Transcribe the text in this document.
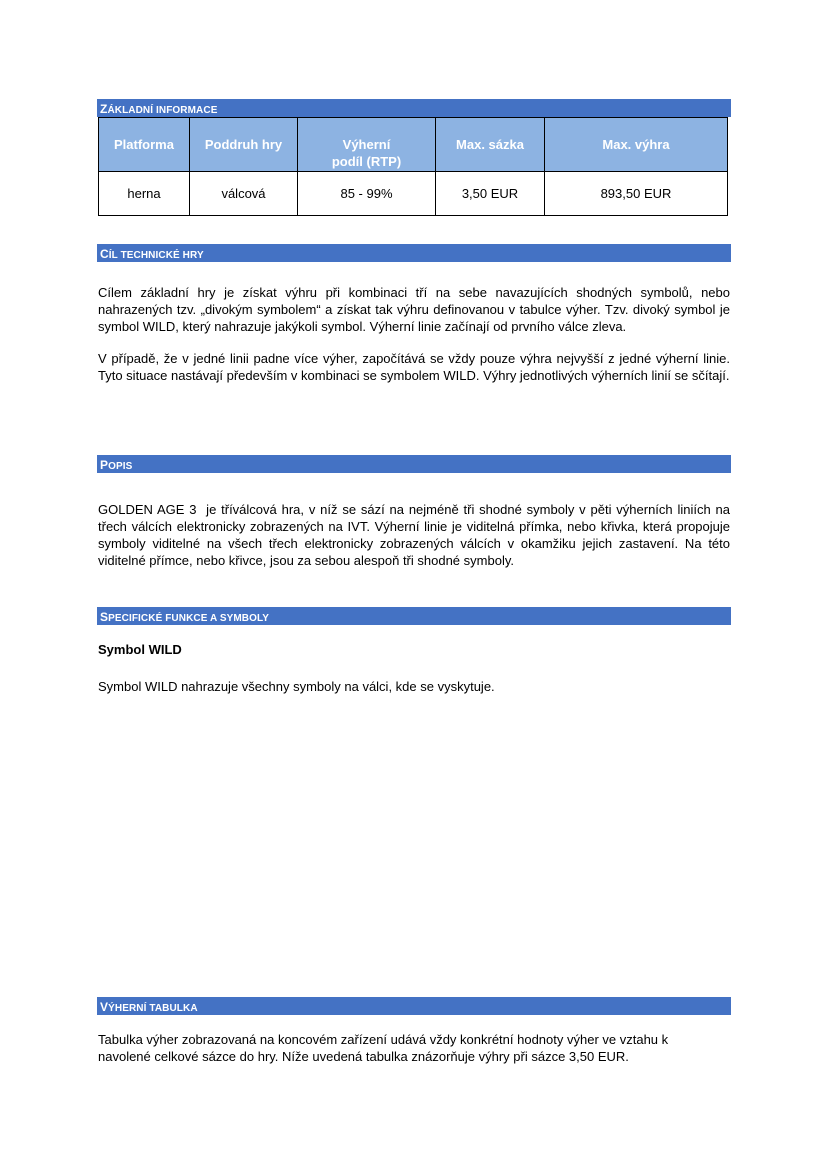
ZÁKLADNÍ INFORMACE
Platforma	Poddruh hry	Výherní podíl (RTP)	Max. sázka	Max. výhra
herna	válcová	85 - 99%	3,50 EUR	893,50 EUR
CÍL TECHNICKÉ HRY

Cílem základní hry je získat výhru při kombinaci tří na sebe navazujících shodných symbolů, nebo nahrazených tzv. „divokým symbolem“ a získat tak výhru definovanou v tabulce výher. Tzv. divoký symbol je symbol WILD, který nahrazuje jakýkoli symbol. Výherní linie začínají od prvního válce zleva.

V případě, že v jedné linii padne více výher, započítává se vždy pouze výhra nejvyšší z jedné výherní linie. Tyto situace nastávají především v kombinaci se symbolem WILD. Výhry jednotlivých výherních linií se sčítají.

POPIS

GOLDEN AGE 3  je tříválcová hra, v níž se sází na nejméně tři shodné symboly v pěti výherních liniích na třech válcích elektronicky zobrazených na IVT. Výherní linie je viditelná přímka, nebo křivka, která propojuje symboly viditelné na všech třech elektronicky zobrazených válcích v okamžiku jejich zastavení. Na této viditelné přímce, nebo křivce, jsou za sebou alespoň tři shodné symboly.

SPECIFICKÉ FUNKCE A SYMBOLY

Symbol WILD

Symbol WILD nahrazuje všechny symboly na válci, kde se vyskytuje.

VÝHERNÍ TABULKA

Tabulka výher zobrazovaná na koncovém zařízení udává vždy konkrétní hodnoty výher ve vztahu k navolené celkové sázce do hry. Níže uvedená tabulka znázorňuje výhry při sázce 3,50 EUR.
